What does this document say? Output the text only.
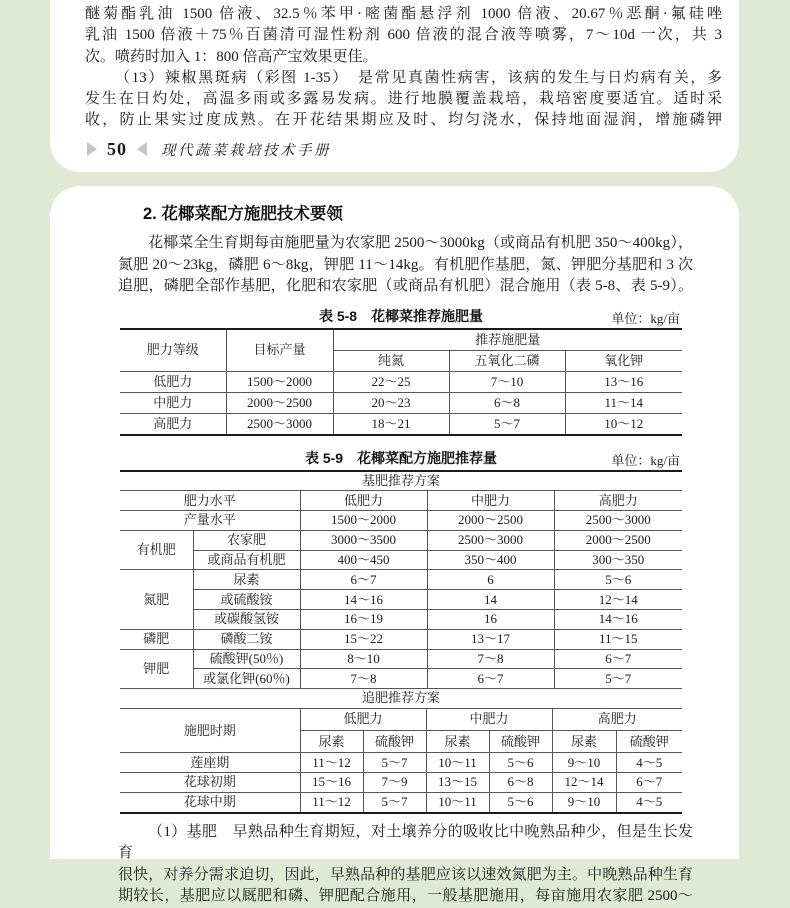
醚菊酯乳油 1500 倍液、32.5％苯甲·嘧菌酯悬浮剂 1000 倍液、20.67％恶酮·氟硅唑
乳油 1500 倍液＋75％百菌清可湿性粉剂 600 倍液的混合液等喷雾，7～10d 一次，共 3
次。喷药时加入 1：800 倍高产宝效果更佳。
（13）辣椒黑斑病（彩图 1-35）　是常见真菌性病害，该病的发生与日灼病有关，多
发生在日灼处，高温多雨或多露易发病。进行地膜覆盖栽培，栽培密度要适宜。适时采
收，防止果实过度成熟。在开花结果期应及时、均匀浇水，保持地面湿润，增施磷钾
50 现代蔬菜栽培技术手册
2. 花椰菜配方施肥技术要领
花椰菜全生育期每亩施肥量为农家肥 2500～3000kg（或商品有机肥 350～400kg），
氮肥 20～23kg，磷肥 6～8kg，钾肥 11～14kg。有机肥作基肥，氮、钾肥分基肥和 3 次
追肥，磷肥全部作基肥，化肥和农家肥（或商品有机肥）混合施用（表 5-8、表 5-9）。
表 5-8　花椰菜推荐施肥量	单位：kg/亩
肥力等级	目标产量	推荐施肥量		
		纯氮	五氧化二磷	氧化钾
低肥力	1500～2000	22～25	7～10	13～16
中肥力	2000～2500	20～23	6～8	11～14
高肥力	2500～3000	18～21	5～7	10～12
表 5-9　花椰菜配方施肥推荐量	单位：kg/亩
基肥推荐方案				
肥力水平		低肥力	中肥力	高肥力
产量水平		1500～2000	2000～2500	2500～3000
有机肥	农家肥	3000～3500	2500～3000	2000～2500
	或商品有机肥	400～450	350～400	300～350
氮肥	尿素	6～7	6	5～6
	或硫酸铵	14～16	14	12～14
	或碳酸氢铵	16～19	16	14～16
磷肥	磷酸二铵	15～22	13～17	11～15
钾肥	硫酸钾(50％)	8～10	7～8	6～7
	或氯化钾(60％)	7～8	6～7	5～7
追肥推荐方案						
施肥时期	低肥力		中肥力		高肥力	
	尿素	硫酸钾	尿素	硫酸钾	尿素	硫酸钾
莲座期	11～12	5～7	10～11	5～6	9～10	4～5
花球初期	15～16	7～9	13～15	6～8	12～14	6～7
花球中期	11～12	5～7	10～11	5～6	9～10	4～5
（1）基肥　早熟品种生育期短，对土壤养分的吸收比中晚熟品种少，但是生长发育
很快，对养分需求迫切，因此，早熟品种的基肥应该以速效氮肥为主。中晚熟品种生育
期较长，基肥应以厩肥和磷、钾肥配合施用，一般基肥施用，每亩施用农家肥 2500～
